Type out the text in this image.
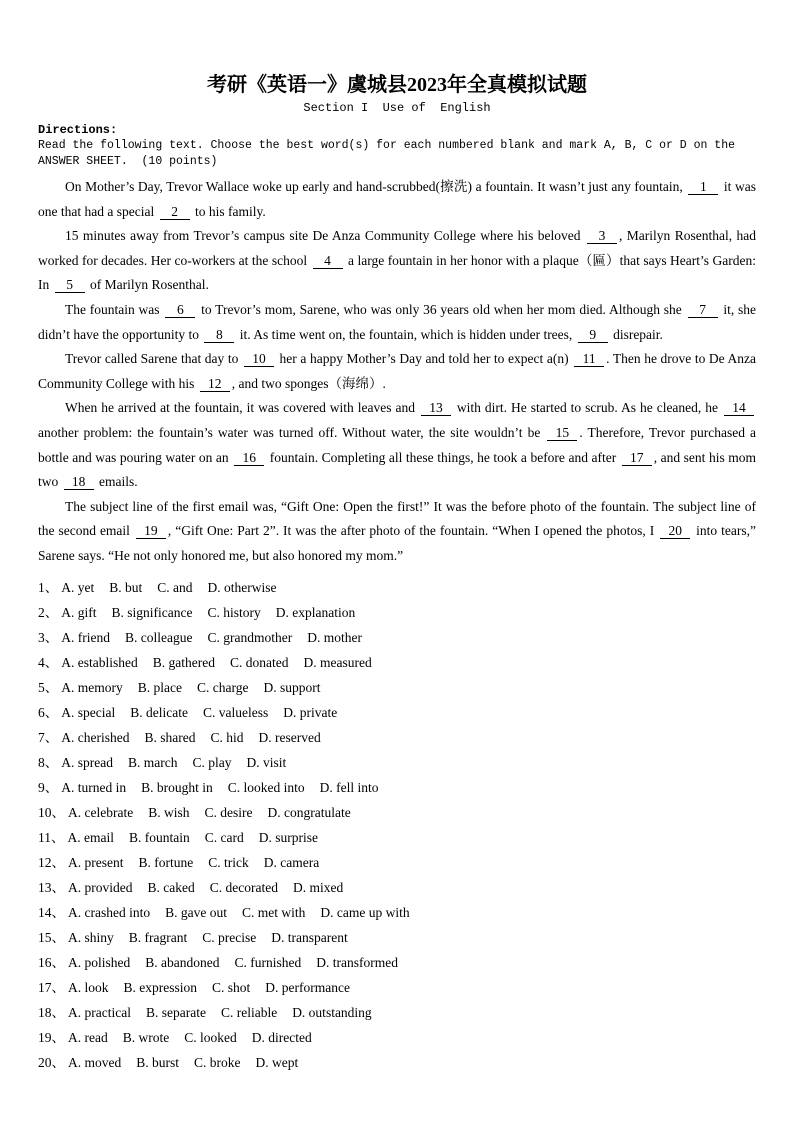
考研《英语一》虞城县2023年全真模拟试题
Section I  Use of  English
Directions:
Read the following text. Choose the best word(s) for each numbered blank and mark A, B, C or D on the
ANSWER SHEET.  (10 points)

On Mother’s Day, Trevor Wallace woke up early and hand-scrubbed(擦洗) a fountain. It wasn’t just any fountain, 1 it was one that had a special 2 to his family.

15 minutes away from Trevor’s campus site De Anza Community College where his beloved 3 , Marilyn Rosenthal, had worked for decades. Her co-workers at the school 4 a large fountain in her honor with a plaque（匾）that says Heart’s Garden: In 5 of Marilyn Rosenthal.

The fountain was 6 to Trevor’s mom, Sarene, who was only 36 years old when her mom died. Although she 7 it, she didn’t have the opportunity to 8 it. As time went on, the fountain, which is hidden under trees, 9 disrepair.

Trevor called Sarene that day to 10 her a happy Mother’s Day and told her to expect a(n) 11 . Then he drove to De Anza Community College with his 12 , and two sponges（海绵）.

When he arrived at the fountain, it was covered with leaves and 13 with dirt. He started to scrub. As he cleaned, he 14 another problem: the fountain’s water was turned off. Without water, the site wouldn’t be 15 . Therefore, Trevor purchased a bottle and was pouring water on an 16 fountain. Completing all these things, he took a before and after 17 , and sent his mom two 18 emails.

The subject line of the first email was, “Gift One: Open the first!” It was the before photo of the fountain. The subject line of the second email 19 , “Gift One: Part 2”. It was the after photo of the fountain. “When I opened the photos, I 20 into tears,” Sarene says. “He not only honored me, but also honored my mom.”

1、 A. yet B. but C. and D. otherwise
2、 A. gift B. significance C. history D. explanation
3、 A. friend B. colleague C. grandmother D. mother
4、 A. established B. gathered C. donated D. measured
5、 A. memory B. place C. charge D. support
6、 A. special B. delicate C. valueless D. private
7、 A. cherished B. shared C. hid D. reserved
8、 A. spread B. march C. play D. visit
9、 A. turned in B. brought in C. looked into D. fell into
10、 A. celebrate B. wish C. desire D. congratulate
11、 A. email B. fountain C. card D. surprise
12、 A. present B. fortune C. trick D. camera
13、 A. provided B. caked C. decorated D. mixed
14、 A. crashed into B. gave out C. met with D. came up with
15、 A. shiny B. fragrant C. precise D. transparent
16、 A. polished B. abandoned C. furnished D. transformed
17、 A. look B. expression C. shot D. performance
18、 A. practical B. separate C. reliable D. outstanding
19、 A. read B. wrote C. looked D. directed
20、 A. moved B. burst C. broke D. wept
